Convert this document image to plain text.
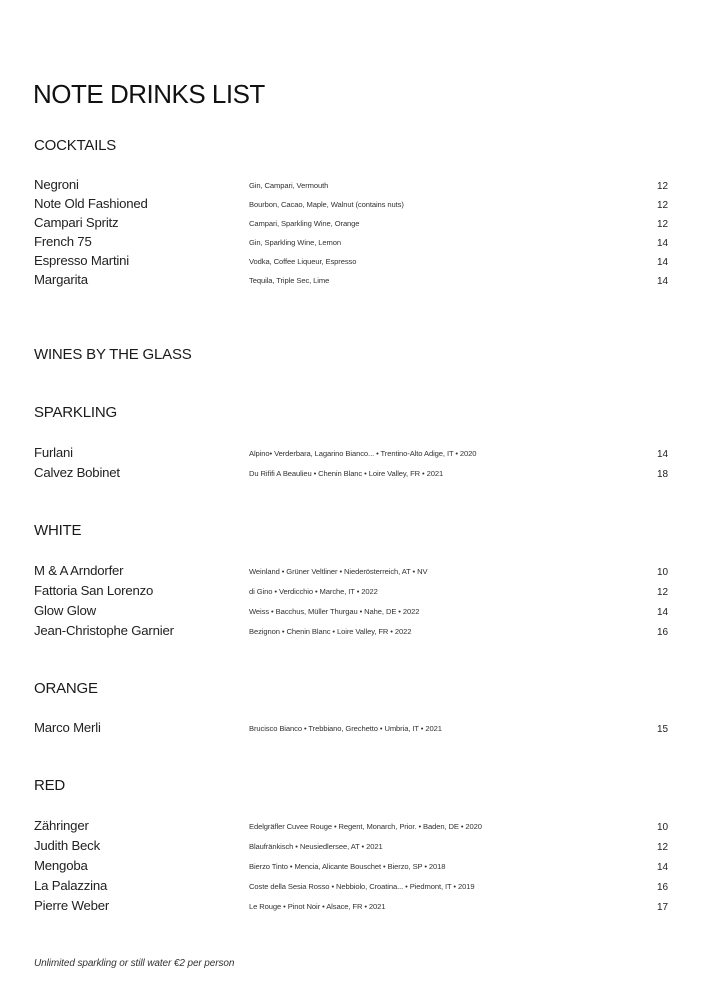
NOTE DRINKS LIST
COCKTAILS
Negroni	Gin, Campari, Vermouth	12
Note Old Fashioned	Bourbon, Cacao, Maple, Walnut (contains nuts)	12
Campari Spritz	Campari, Sparkling Wine, Orange	12
French 75	Gin, Sparkling Wine, Lemon	14
Espresso Martini	Vodka, Coffee Liqueur, Espresso	14
Margarita	Tequila, Triple Sec, Lime	14
WINES BY THE GLASS
SPARKLING
Furlani	Alpino• Verderbara, Lagarino Bianco... • Trentino-Alto Adige, IT • 2020	14
Calvez Bobinet	Du Rififi A Beaulieu • Chenin Blanc • Loire Valley, FR • 2021	18
WHITE
M & A Arndorfer	Weinland • Grüner Veltliner • Niederösterreich, AT • NV	10
Fattoria San Lorenzo	di Gino • Verdicchio • Marche, IT • 2022	12
Glow Glow	Weiss • Bacchus, Müller Thurgau • Nahe, DE • 2022	14
Jean-Christophe Garnier	Bezignon • Chenin Blanc • Loire Valley, FR • 2022	16
ORANGE
Marco Merli	Brucisco Bianco • Trebbiano, Grechetto • Umbria, IT • 2021	15
RED
Zähringer	Edelgräfler Cuvee Rouge • Regent, Monarch, Prior. • Baden, DE • 2020	10
Judith Beck	Blaufränkisch • Neusiedlersee, AT • 2021	12
Mengoba	Bierzo Tinto • Mencia, Alicante Bouschet • Bierzo, SP • 2018	14
La Palazzina	Coste della Sesia Rosso • Nebbiolo, Croatina... • Piedmont, IT • 2019	16
Pierre Weber	Le Rouge • Pinot Noir • Alsace, FR • 2021	17
Unlimited sparkling or still water €2 per person
